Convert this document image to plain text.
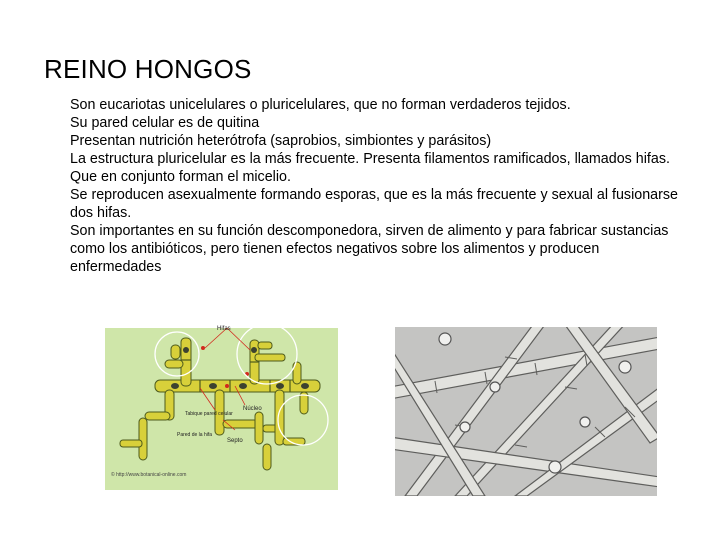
REINO HONGOS
Son eucariotas unicelulares o pluricelulares, que no forman verdaderos tejidos.
Su pared celular es de quitina
Presentan nutrición heterótrofa (saprobios, simbiontes y parásitos)
La estructura pluricelular es la más frecuente. Presenta filamentos ramificados, llamados hifas. Que en conjunto forman el micelio.
Se reproducen asexualmente formando esporas, que es la más frecuente y sexual al fusionarse dos hifas.
Son importantes en su función descomponedora, sirven de alimento y para fabricar sustancias como los antibióticos, pero tienen efectos negativos sobre los alimentos y producen enfermedades
Hifas
Núcleo
Tabique pared celular
Pared de la hifa
Septo
© http://www.botanical-online.com
